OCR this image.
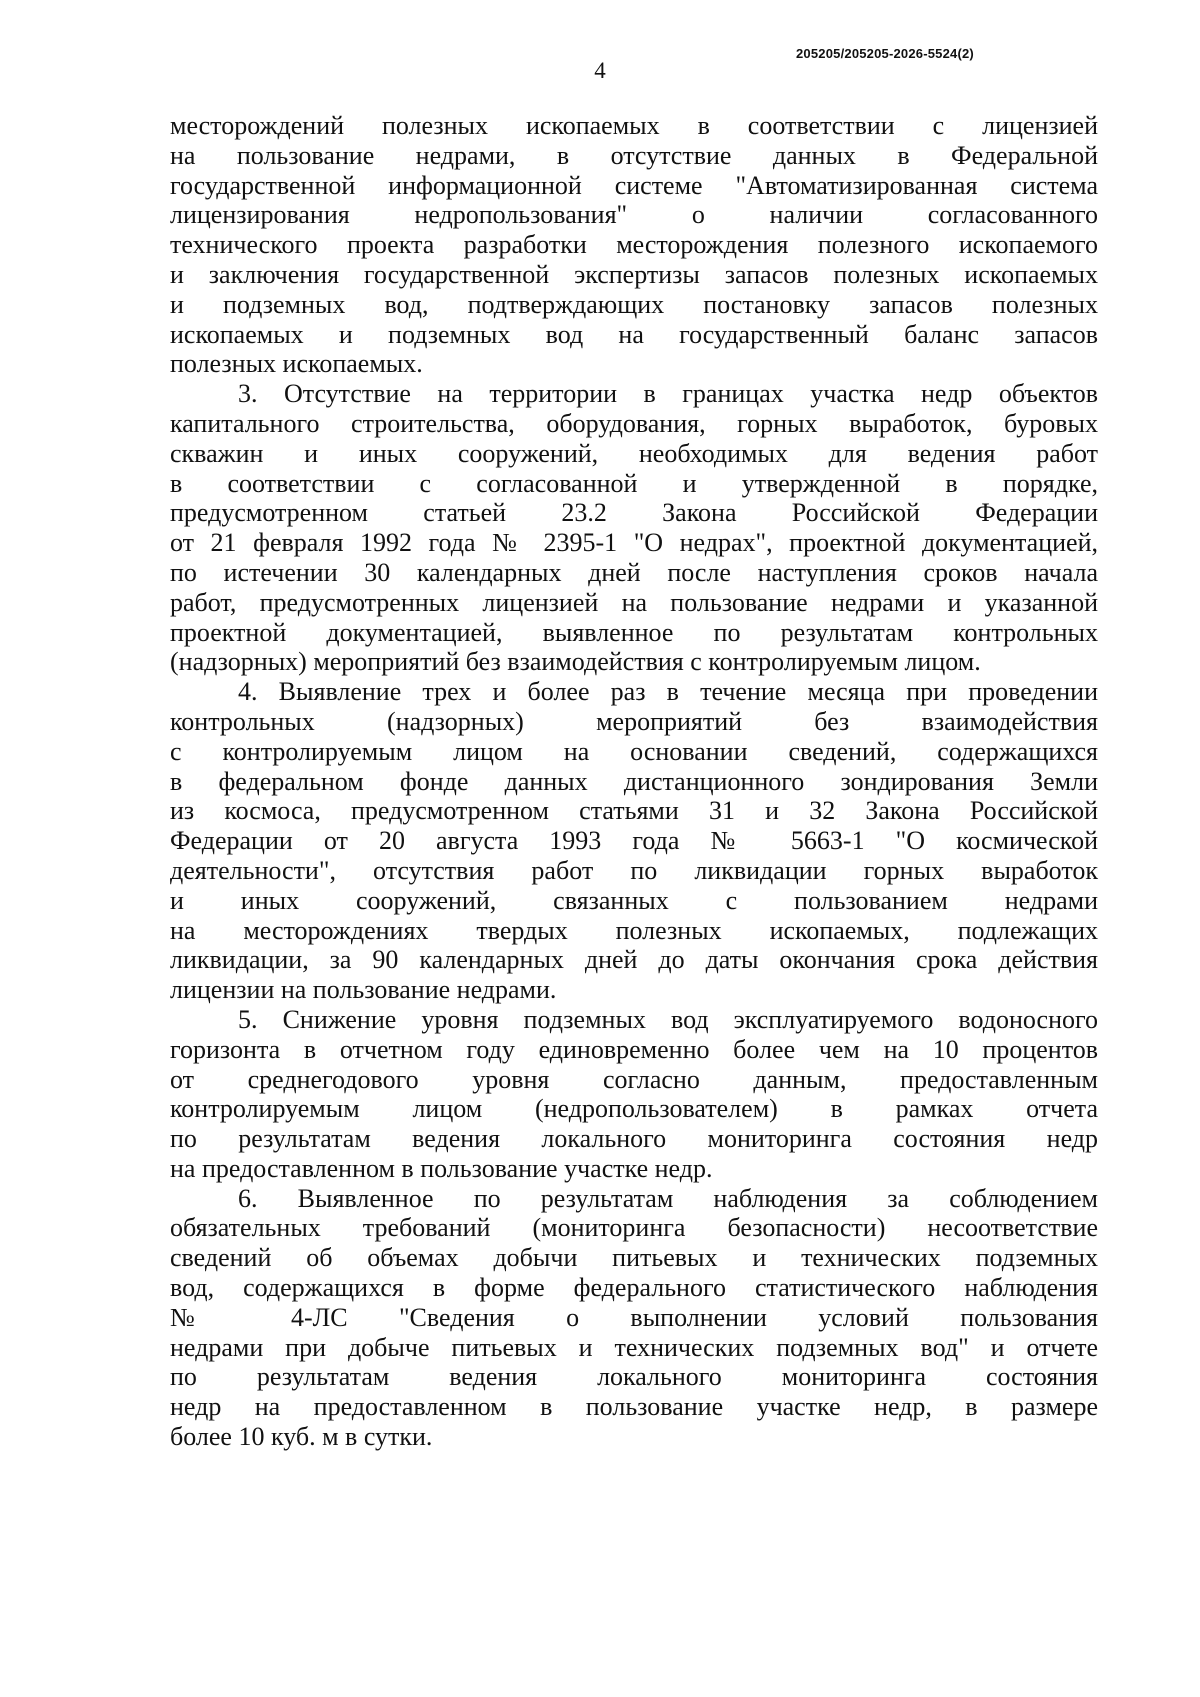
205205/205205-2026-5524(2)
4
месторождений полезных ископаемых в соответствии с лицензией
на пользование недрами, в отсутствие данных в Федеральной
государственной информационной системе "Автоматизированная система
лицензирования недропользования" о наличии согласованного
технического проекта разработки месторождения полезного ископаемого
и заключения государственной экспертизы запасов полезных ископаемых
и подземных вод, подтверждающих постановку запасов полезных
ископаемых и подземных вод на государственный баланс запасов
полезных ископаемых.
3. Отсутствие на территории в границах участка недр объектов
капитального строительства, оборудования, горных выработок, буровых
скважин и иных сооружений, необходимых для ведения работ
в соответствии с согласованной и утвержденной в порядке,
предусмотренном статьей 23.2 Закона Российской Федерации
от 21 февраля 1992 года № 2395-1 "О недрах", проектной документацией,
по истечении 30 календарных дней после наступления сроков начала
работ, предусмотренных лицензией на пользование недрами и указанной
проектной документацией, выявленное по результатам контрольных
(надзорных) мероприятий без взаимодействия с контролируемым лицом.
4. Выявление трех и более раз в течение месяца при проведении
контрольных (надзорных) мероприятий без взаимодействия
с контролируемым лицом на основании сведений, содержащихся
в федеральном фонде данных дистанционного зондирования Земли
из космоса, предусмотренном статьями 31 и 32 Закона Российской
Федерации от 20 августа 1993 года № 5663-1 "О космической
деятельности", отсутствия работ по ликвидации горных выработок
и иных сооружений, связанных с пользованием недрами
на месторождениях твердых полезных ископаемых, подлежащих
ликвидации, за 90 календарных дней до даты окончания срока действия
лицензии на пользование недрами.
5. Снижение уровня подземных вод эксплуатируемого водоносного
горизонта в отчетном году единовременно более чем на 10 процентов
от среднегодового уровня согласно данным, предоставленным
контролируемым лицом (недропользователем) в рамках отчета
по результатам ведения локального мониторинга состояния недр
на предоставленном в пользование участке недр.
6. Выявленное по результатам наблюдения за соблюдением
обязательных требований (мониторинга безопасности) несоответствие
сведений об объемах добычи питьевых и технических подземных
вод, содержащихся в форме федерального статистического наблюдения
№ 4-ЛС "Сведения о выполнении условий пользования
недрами при добыче питьевых и технических подземных вод" и отчете
по результатам ведения локального мониторинга состояния
недр на предоставленном в пользование участке недр, в размере
более 10 куб. м в сутки.
